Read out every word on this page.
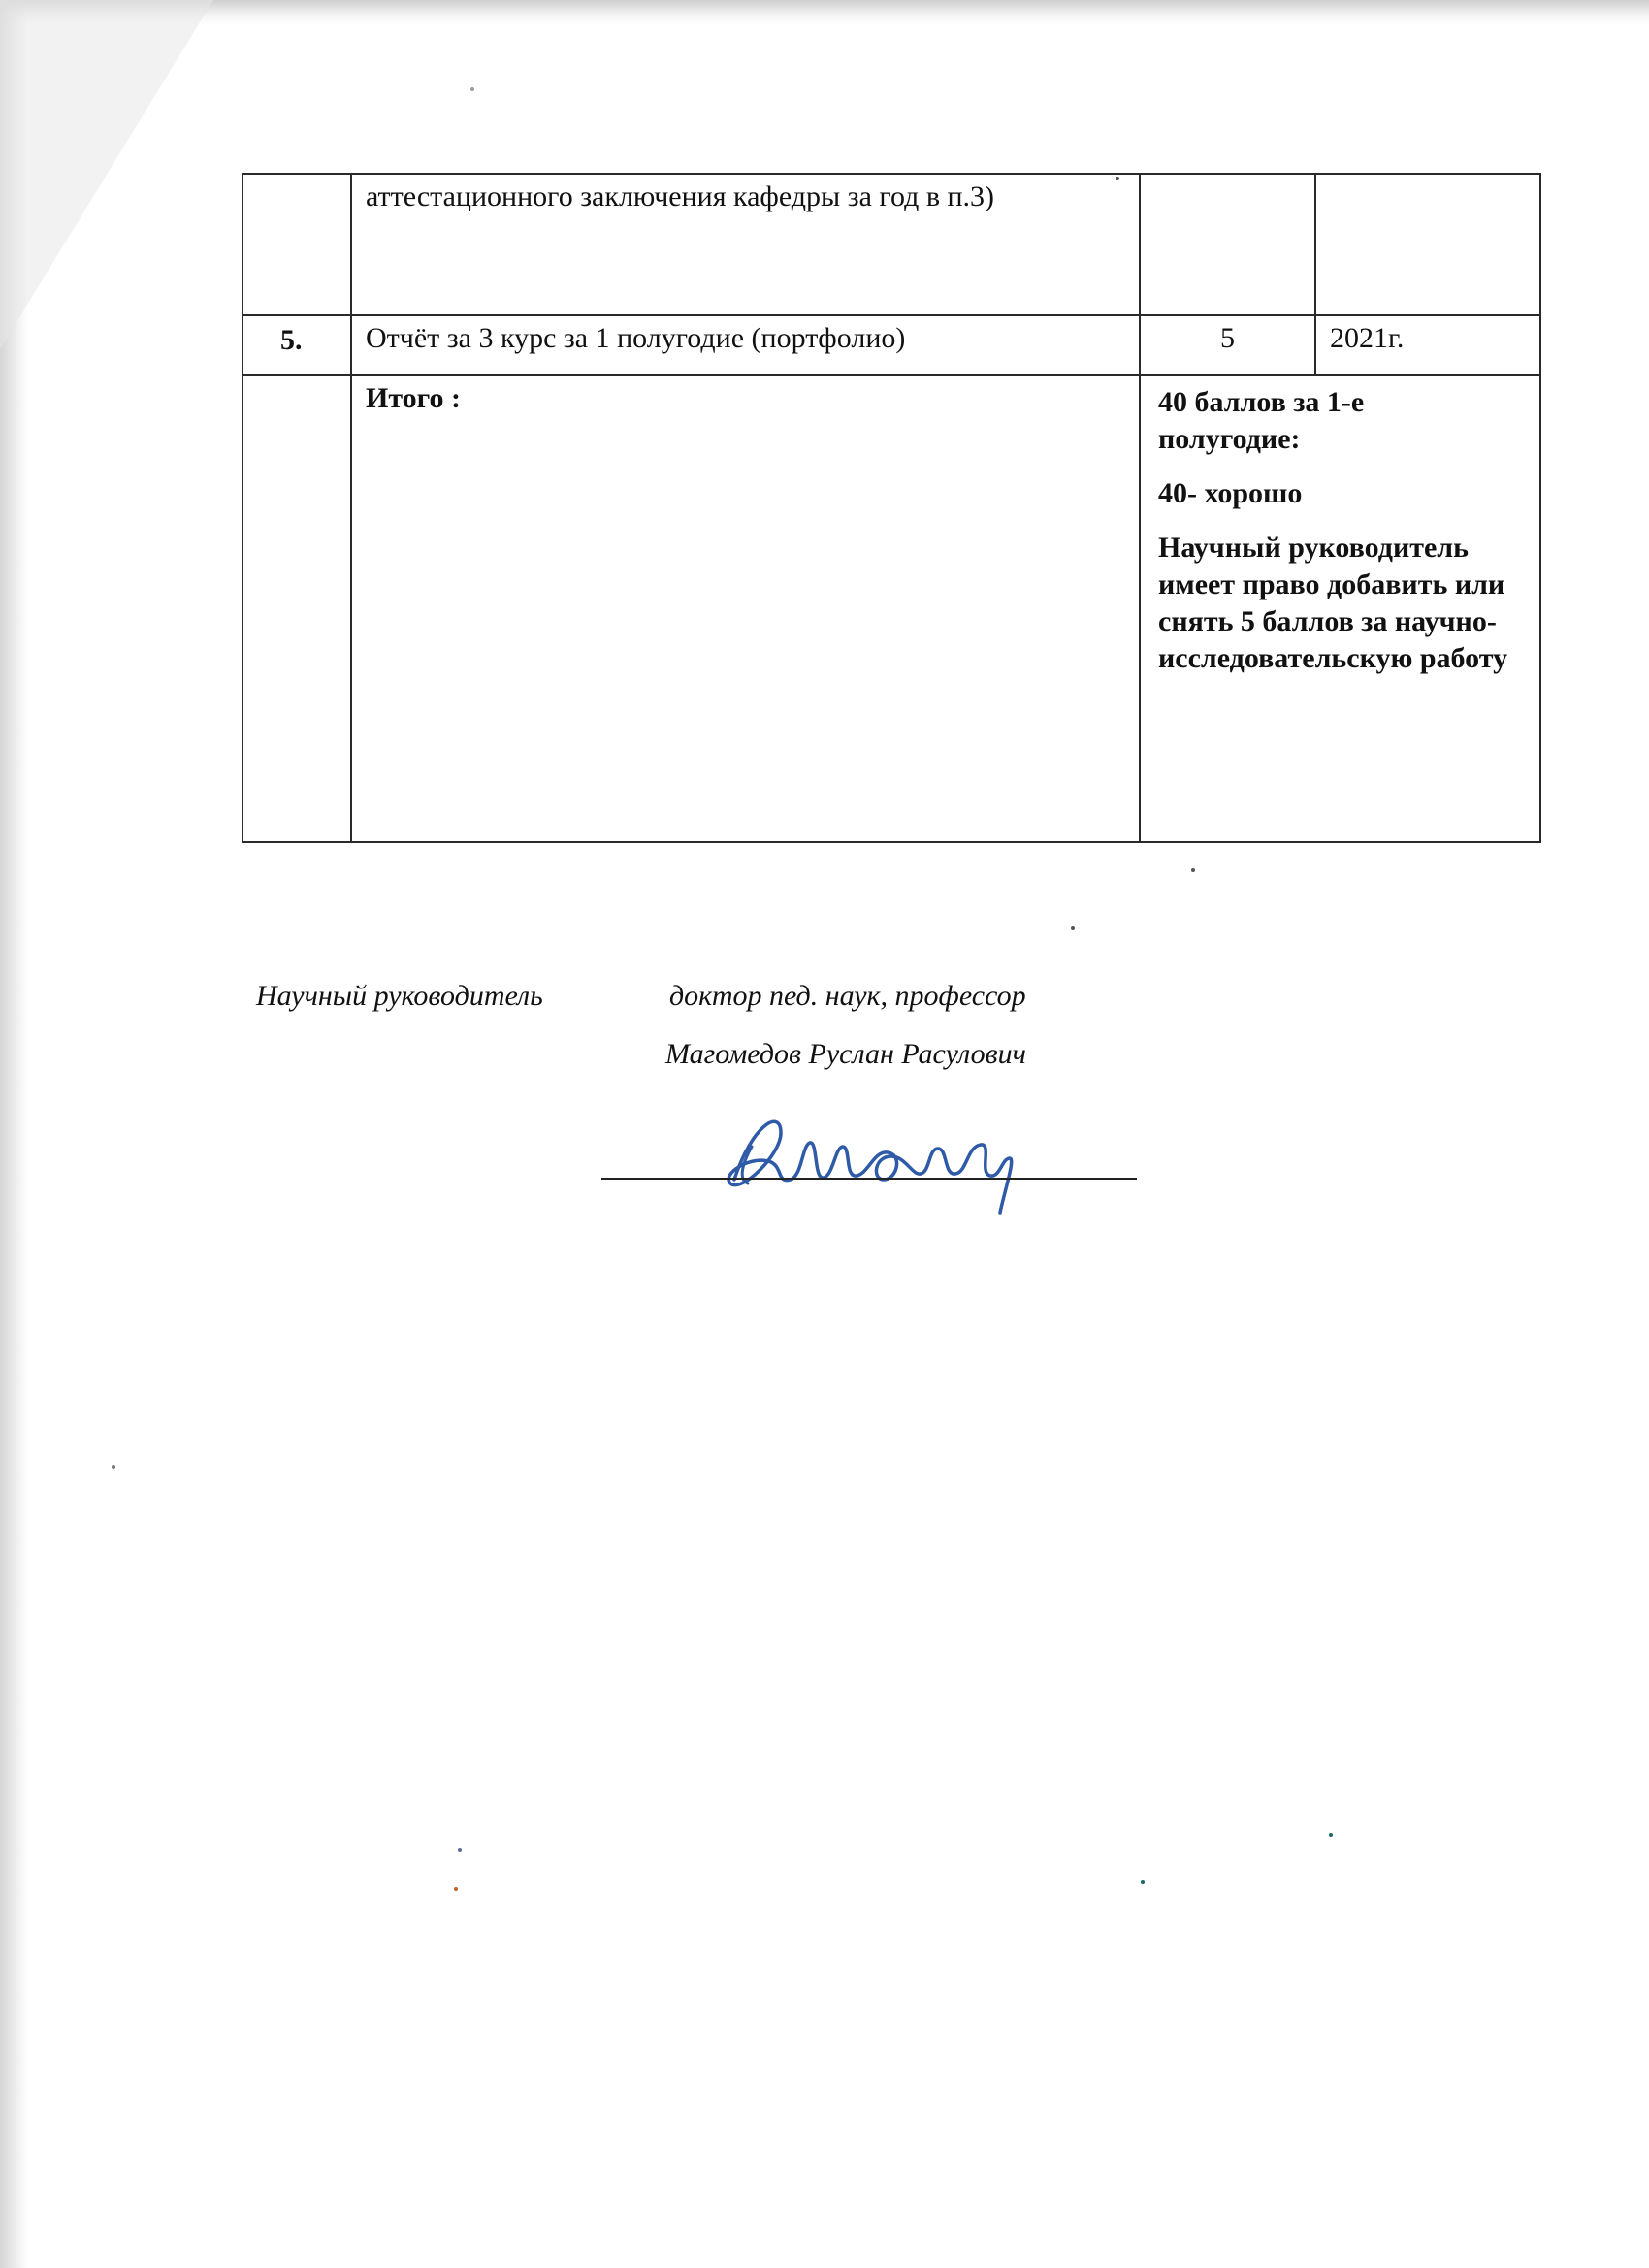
	аттестационного заключения кафедры за год в п.3)		
5.	Отчёт за 3 курс за 1 полугодие (портфолио)	5	2021г.
	Итого :	40 баллов за 1-е полугодие:

40- хорошо

Научный руководитель имеет право добавить или снять 5 баллов за научно-исследовательскую работу	

Научный руководитель	доктор пед. наук, профессор
Магомедов Руслан Расулович
